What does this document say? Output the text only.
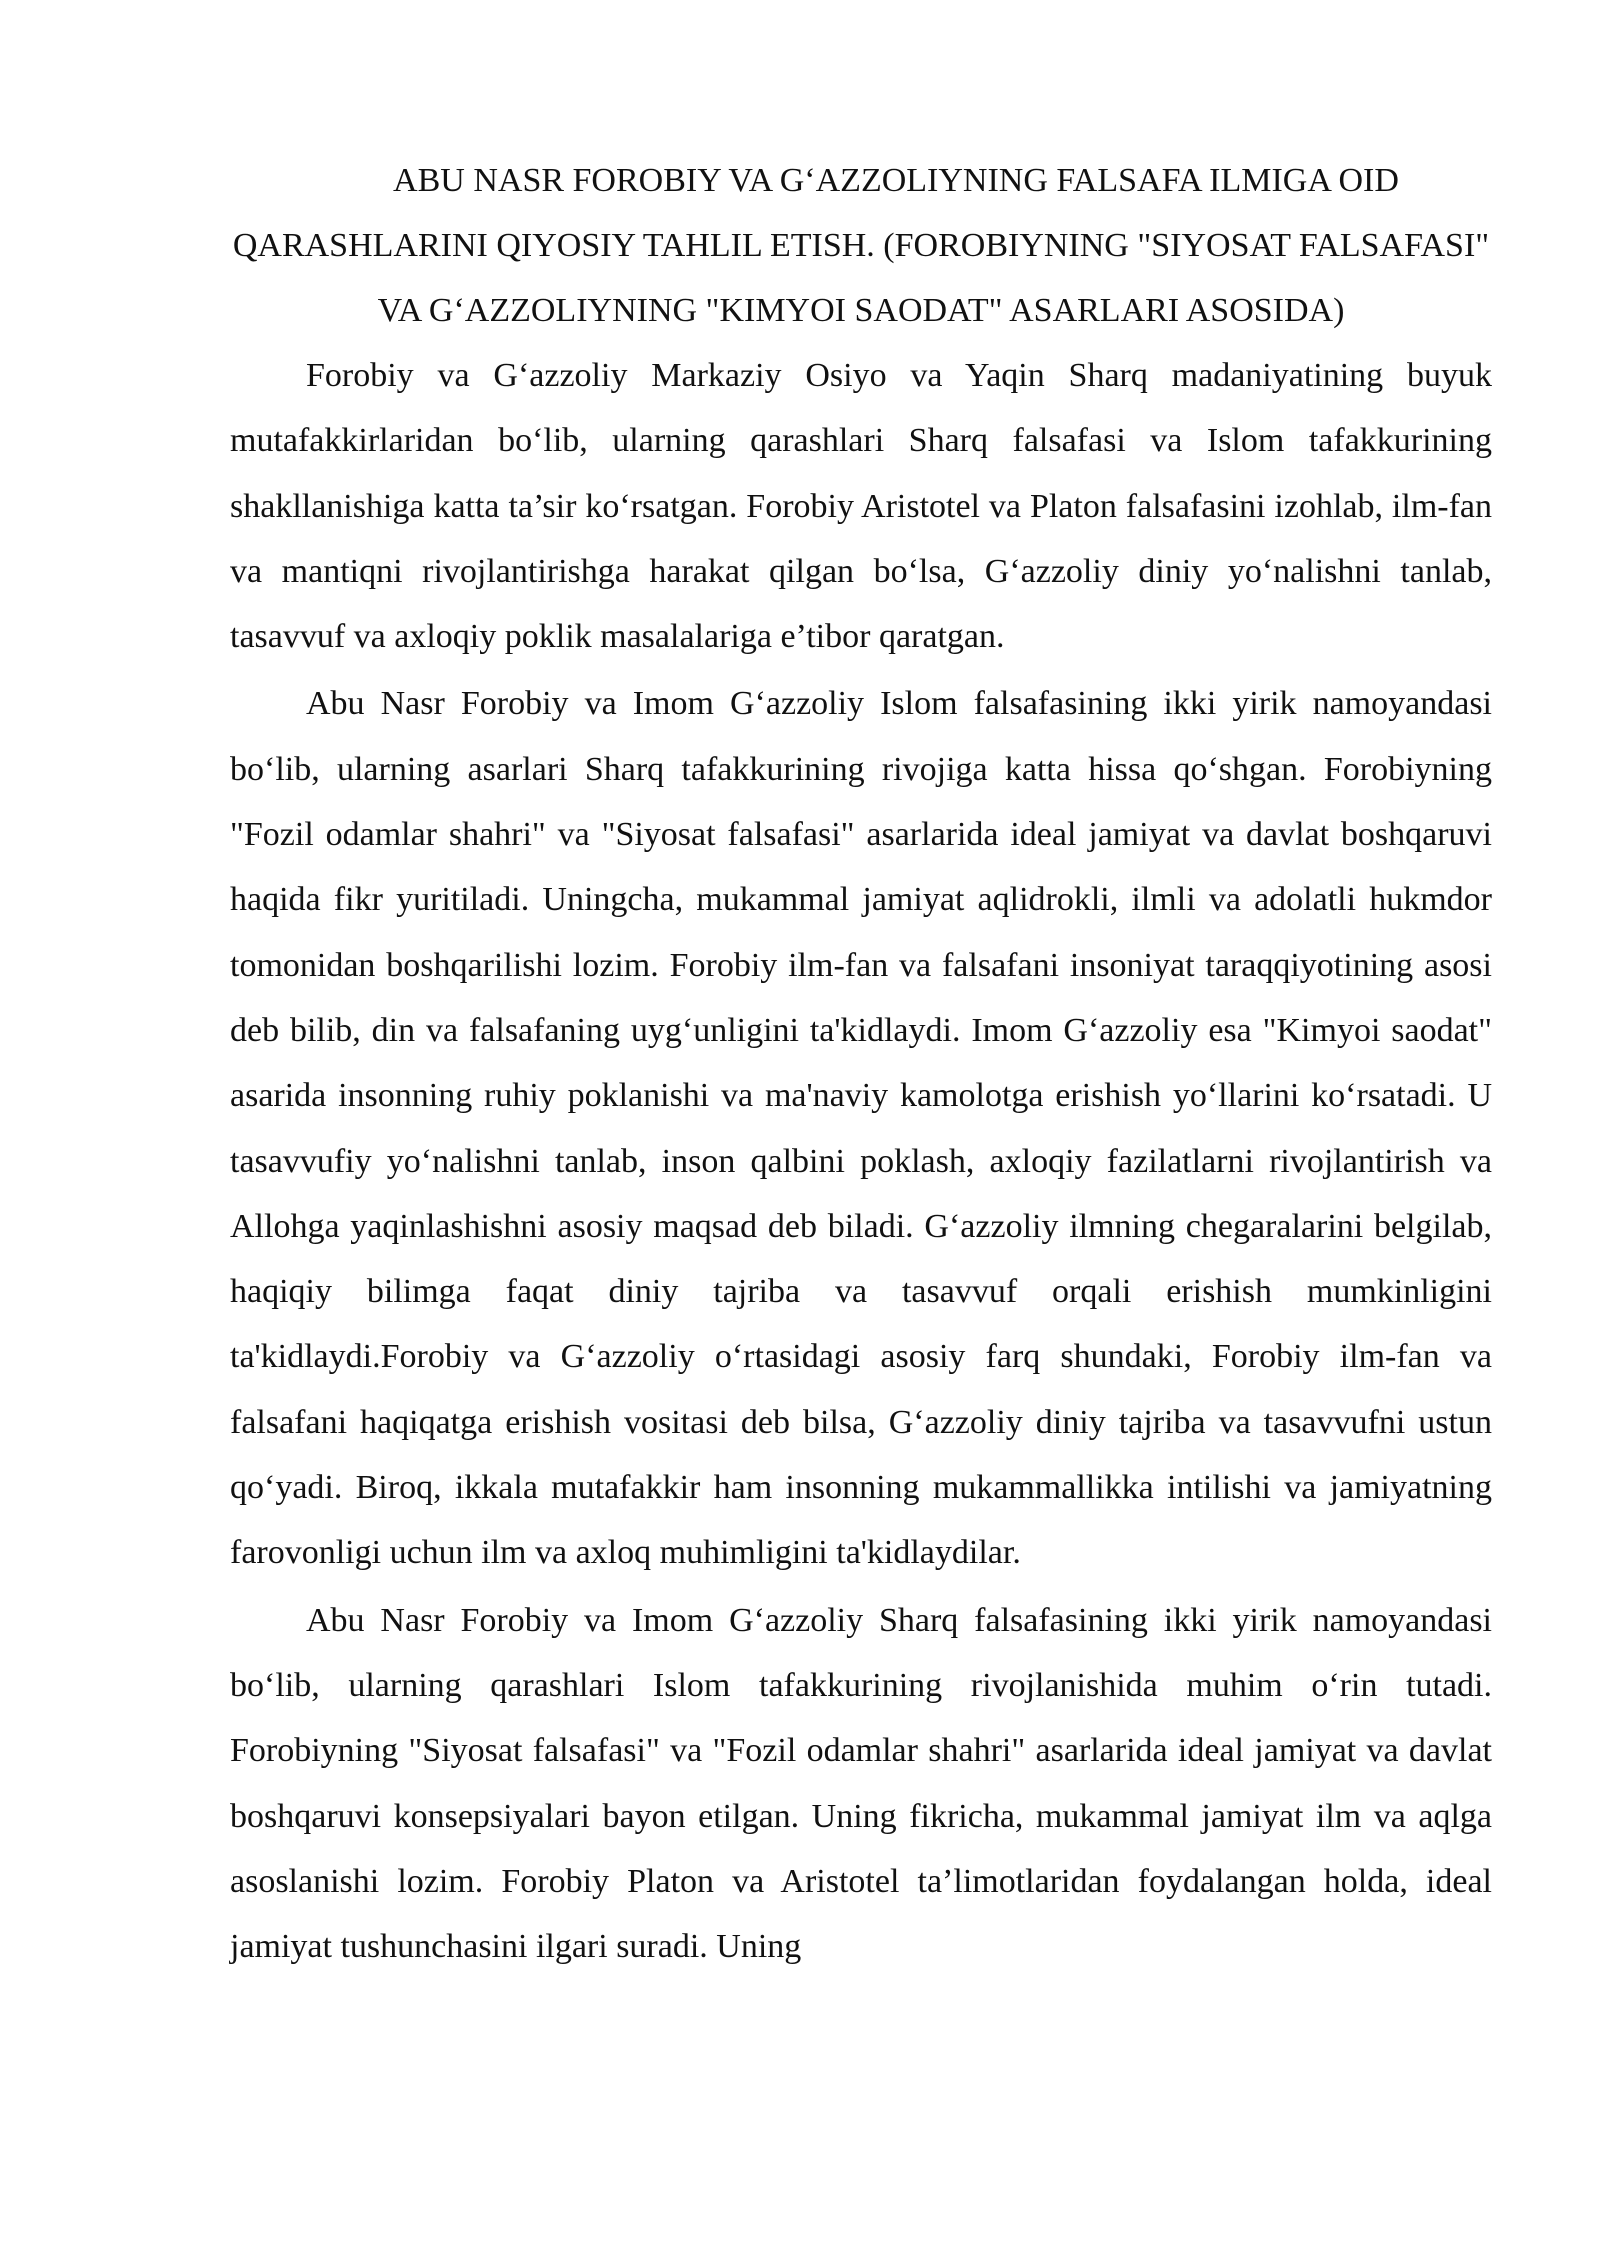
ABU NASR FOROBIY VA G‘AZZOLIYNING FALSAFA ILMIGA OID QARASHLARINI QIYOSIY TAHLIL ETISH. (FOROBIYNING "SIYOSAT FALSAFASI" VA G‘AZZOLIYNING "KIMYOI SAODAT" ASARLARI ASOSIDA)

Forobiy va G‘azzoliy Markaziy Osiyo va Yaqin Sharq madaniyatining buyuk mutafakkirlaridan bo‘lib, ularning qarashlari Sharq falsafasi va Islom tafakkurining shakllanishiga katta ta’sir ko‘rsatgan. Forobiy Aristotel va Platon falsafasini izohlab, ilm-fan va mantiqni rivojlantirishga harakat qilgan bo‘lsa, G‘azzoliy diniy yo‘nalishni tanlab, tasavvuf va axloqiy poklik masalalariga e’tibor qaratgan.

Abu Nasr Forobiy va Imom G‘azzoliy Islom falsafasining ikki yirik namoyandasi bo‘lib, ularning asarlari Sharq tafakkurining rivojiga katta hissa qo‘shgan. Forobiyning "Fozil odamlar shahri" va "Siyosat falsafasi" asarlarida ideal jamiyat va davlat boshqaruvi haqida fikr yuritiladi. Uningcha, mukammal jamiyat aqlidrokli, ilmli va adolatli hukmdor tomonidan boshqarilishi lozim. Forobiy ilm-fan va falsafani insoniyat taraqqiyotining asosi deb bilib, din va falsafaning uyg‘unligini ta'kidlaydi. Imom G‘azzoliy esa "Kimyoi saodat" asarida insonning ruhiy poklanishi va ma'naviy kamolotga erishish yo‘llarini ko‘rsatadi. U tasavvufiy yo‘nalishni tanlab, inson qalbini poklash, axloqiy fazilatlarni rivojlantirish va Allohga yaqinlashishni asosiy maqsad deb biladi. G‘azzoliy ilmning chegaralarini belgilab, haqiqiy bilimga faqat diniy tajriba va tasavvuf orqali erishish mumkinligini ta'kidlaydi.Forobiy va G‘azzoliy o‘rtasidagi asosiy farq shundaki, Forobiy ilm-fan va falsafani haqiqatga erishish vositasi deb bilsa, G‘azzoliy diniy tajriba va tasavvufni ustun qo‘yadi. Biroq, ikkala mutafakkir ham insonning mukammallikka intilishi va jamiyatning farovonligi uchun ilm va axloq muhimligini ta'kidlaydilar.

Abu Nasr Forobiy va Imom G‘azzoliy Sharq falsafasining ikki yirik namoyandasi bo‘lib, ularning qarashlari Islom tafakkurining rivojlanishida muhim o‘rin tutadi. Forobiyning "Siyosat falsafasi" va "Fozil odamlar shahri" asarlarida ideal jamiyat va davlat boshqaruvi konsepsiyalari bayon etilgan. Uning fikricha, mukammal jamiyat ilm va aqlga asoslanishi lozim. Forobiy Platon va Aristotel ta’limotlaridan foydalangan holda, ideal jamiyat tushunchasini ilgari suradi. Uning
